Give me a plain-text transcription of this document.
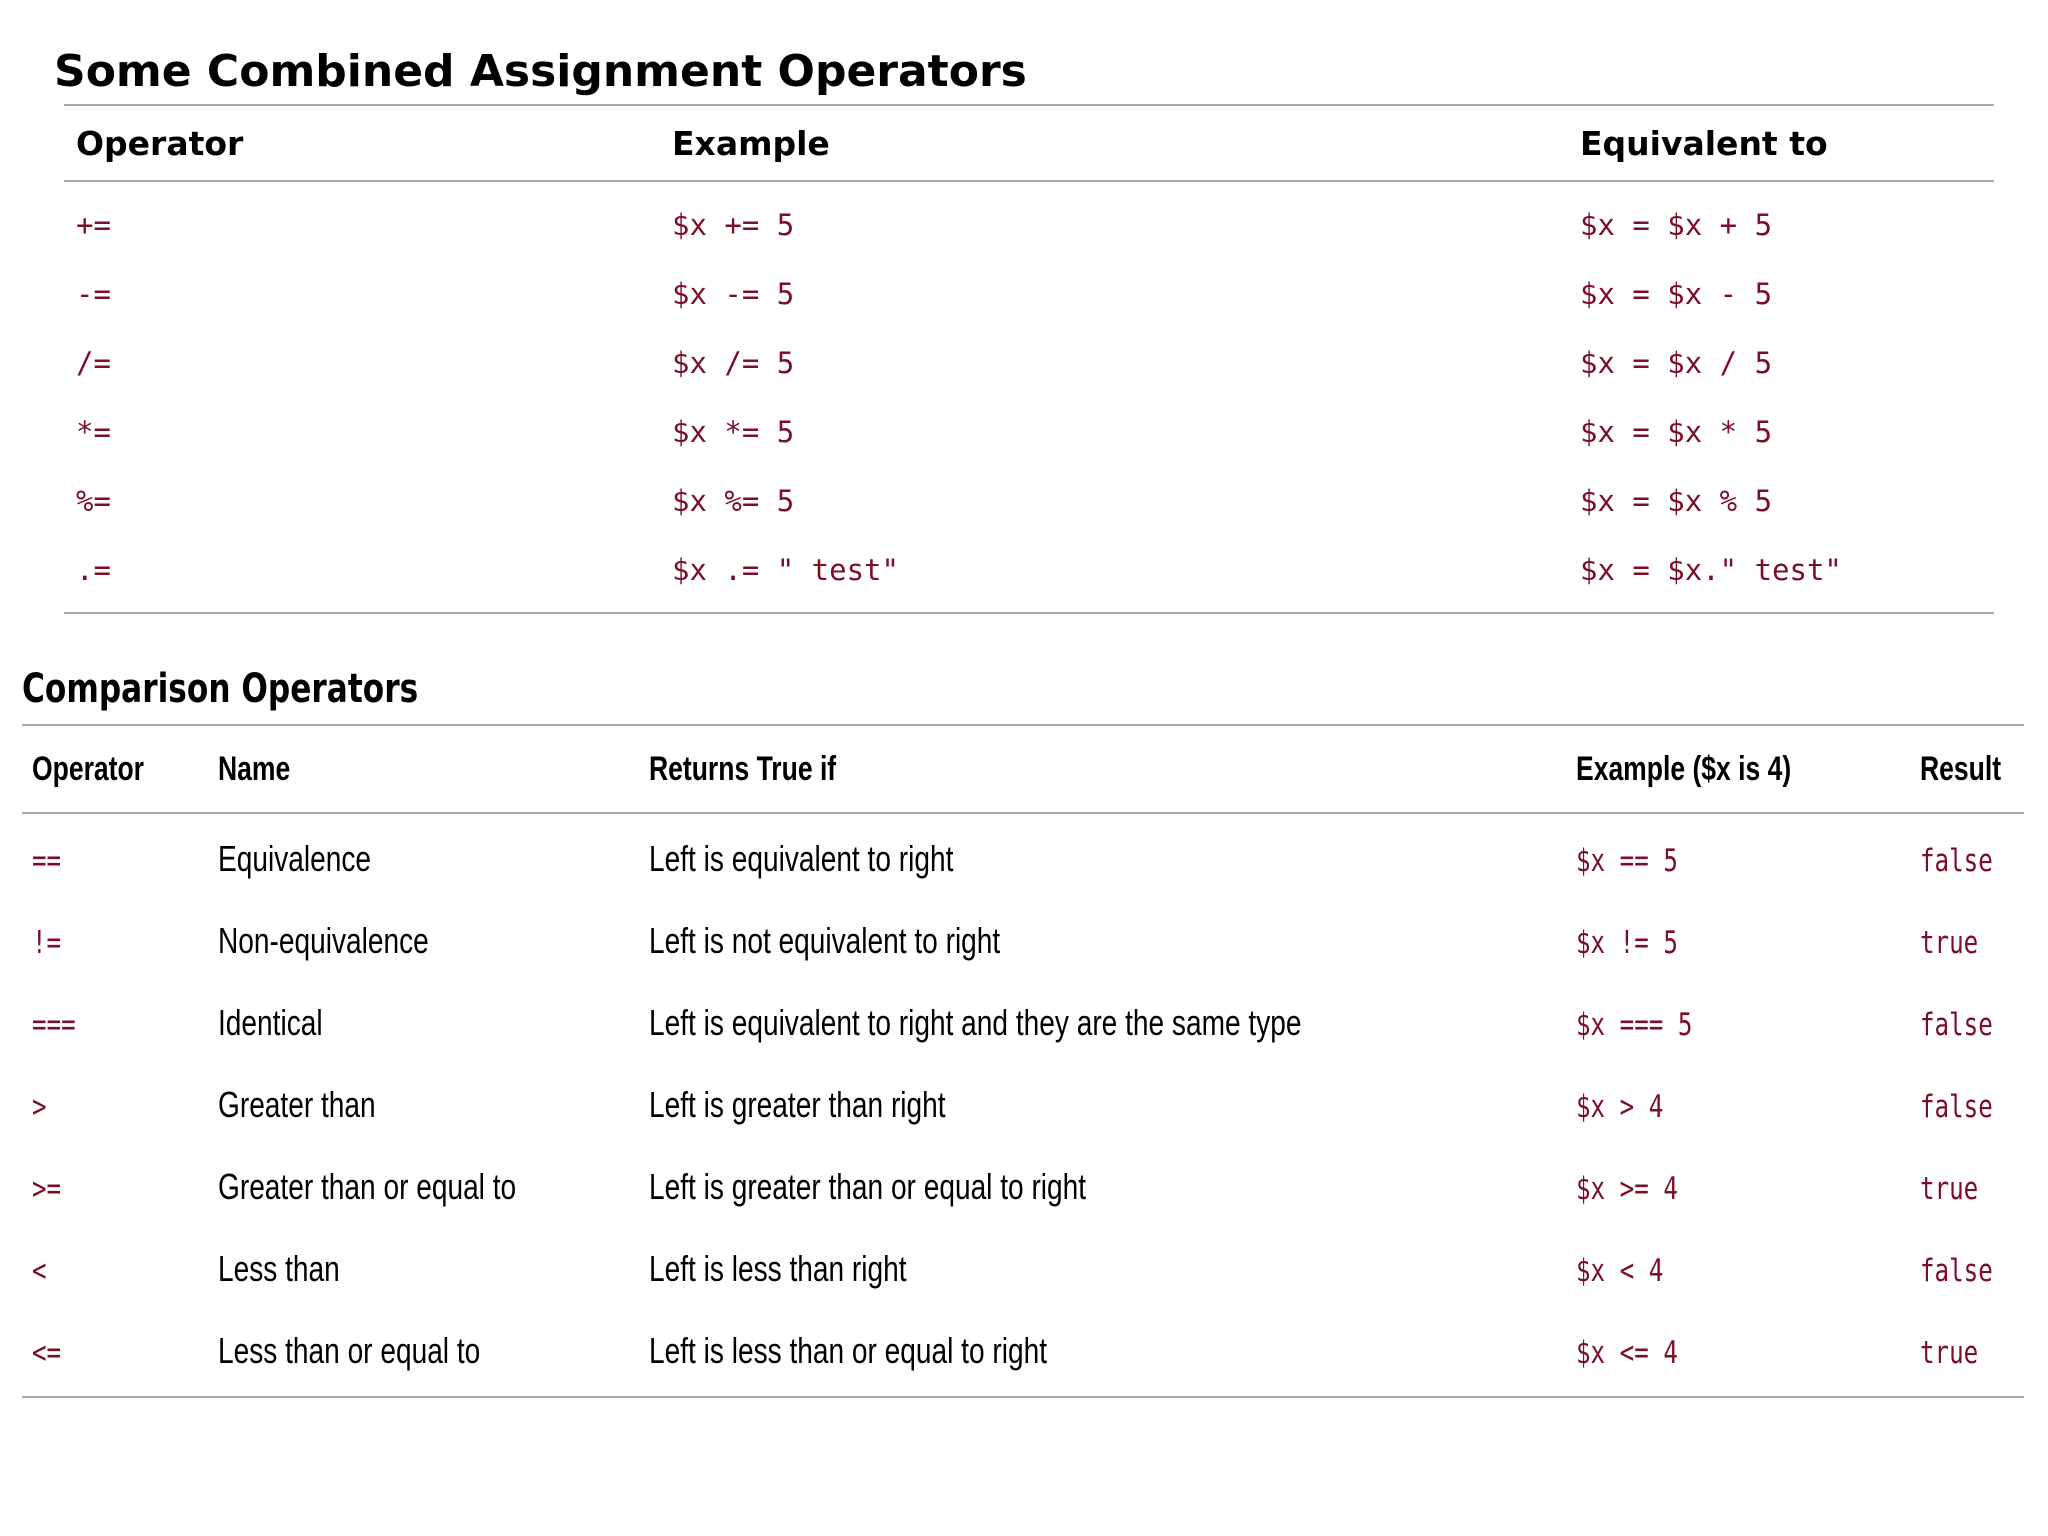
Some Combined Assignment Operators
Operator	Example	Equivalent to
+=	$x += 5	$x = $x + 5
-=	$x -= 5	$x = $x - 5
/=	$x /= 5	$x = $x / 5
*=	$x *= 5	$x = $x * 5
%=	$x %= 5	$x = $x % 5
.=	$x .= " test"	$x = $x." test"
Comparison Operators
Operator	Name	Returns True if	Example ($x is 4)	Result
==	Equivalence	Left is equivalent to right	$x == 5	false
!=	Non-equivalence	Left is not equivalent to right	$x != 5	true
===	Identical	Left is equivalent to right and they are the same type	$x === 5	false
>	Greater than	Left is greater than right	$x > 4	false
>=	Greater than or equal to	Left is greater than or equal to right	$x >= 4	true
<	Less than	Left is less than right	$x < 4	false
<=	Less than or equal to	Left is less than or equal to right	$x <= 4	true
